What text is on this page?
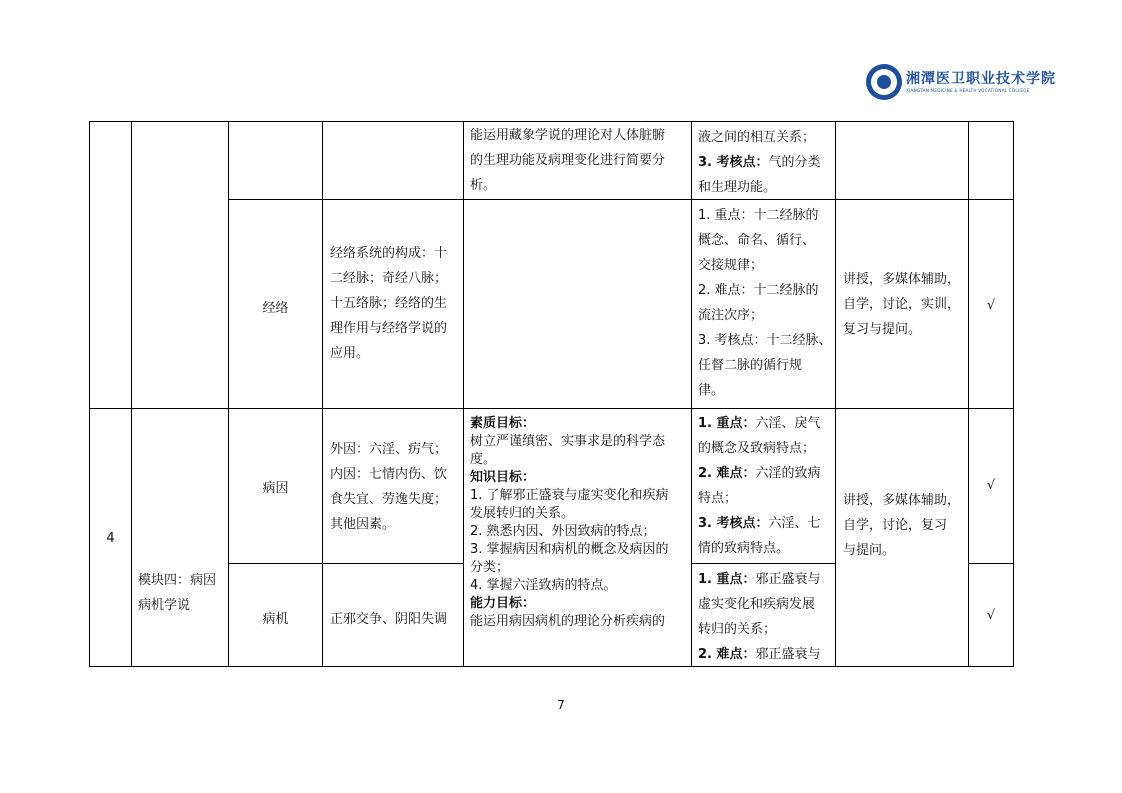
湘潭医卫职业技术学院
XIANGTAN MEDICINE & HEALTH VOCATIONAL COLLEGE

能运用藏象学说的理论对人体脏腑

的生理功能及病理变化进行简要分

析。

液之间的相互关系；

3. 考核点：气的分类

和生理功能。

经络

经络系统的构成：十

二经脉；奇经八脉；

十五络脉；经络的生

理作用与经络学说的

应用。

1. 重点：十二经脉的

概念、命名、循行、

交接规律；

2. 难点：十二经脉的

流注次序；

3. 考核点：十二经脉、

任督二脉的循行规

律。

讲授，多媒体辅助，

自学，讨论，实训，

复习与提问。

√
4

模块四：病因

病机学说

素质目标：

树立严谨缜密、实事求是的科学态

度。

知识目标：

1. 了解邪正盛衰与虚实变化和疾病

发展转归的关系。

2. 熟悉内因、外因致病的特点；

3. 掌握病因和病机的概念及病因的

分类；

4. 掌握六淫致病的特点。

能力目标：

能运用病因病机的理论分析疾病的

讲授，多媒体辅助，

自学，讨论，复习

与提问。

病因

外因：六淫、疠气；

内因：七情内伤、饮

食失宜、劳逸失度；

其他因素。

1. 重点：六淫、戾气

的概念及致病特点；

2. 难点：六淫的致病

特点；

3. 考核点：六淫、七

情的致病特点。

√
病机	正邪交争、阴阳失调

1. 重点：邪正盛衰与

虚实变化和疾病发展

转归的关系；

2. 难点：邪正盛衰与

√
7
